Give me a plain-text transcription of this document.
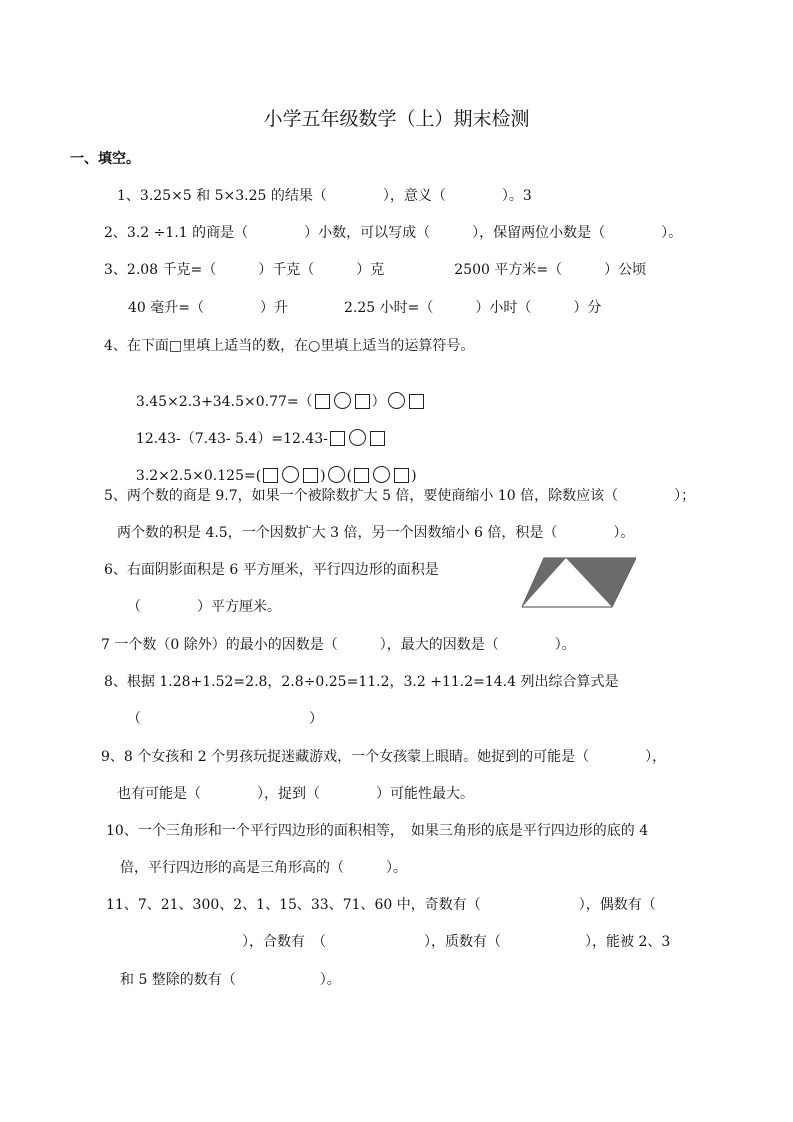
小学五年级数学（上）期末检测
一、填空。
1、3.25×5 和 5×3.25 的结果（　　　　），意义（　　　　）。3
2、3.2 ÷1.1 的商是（　　　　）小数，可以写成（　　　），保留两位小数是（　　　　）。
3、2.08 千克=（　　　）千克（　　　）克　　　　　2500 平方米=（　　　）公顷
40 毫升=（　　　　）升　　　　2.25 小时=（　　　）小时（　　　）分
4、在下面□里填上适当的数，在○里填上适当的运算符号。

3.45×2.3+34.5×0.77=（	）

12.43-（7.43- 5.4）=12.43-

3.2×2.5×0.125=(	) (	)

5、两个数的商是 9.7，如果一个被除数扩大 5 倍，要使商缩小 10 倍，除数应该（　　　　）；
两个数的积是 4.5，一个因数扩大 3 倍，另一个因数缩小 6 倍，积是（　　　　）。
6、右面阴影面积是 6 平方厘米，平行四边形的面积是
（　　　　）平方厘米。
7 一个数（0 除外）的最小的因数是（　　　），最大的因数是（　　　　）。
8、根据 1.28+1.52=2.8，2.8÷0.25=11.2，3.2 +11.2=14.4 列出综合算式是
（　　　　　　　　　　　　）
9、8 个女孩和 2 个男孩玩捉迷藏游戏，一个女孩蒙上眼睛。她捉到的可能是（　　　　），
也有可能是（　　　　），捉到（　　　　）可能性最大。
10、一个三角形和一个平行四边形的面积相等，　如果三角形的底是平行四边形的底的 4
倍，平行四边形的高是三角形高的（　　　）。
11、7、21、300、2、1、15、33、71、60 中，奇数有（　　　　　　　），偶数有（
　　），合数有　（　　　　　　　），质数有（　　　　　　），能被 2、3
和 5 整除的数有（　　　　　　）。
